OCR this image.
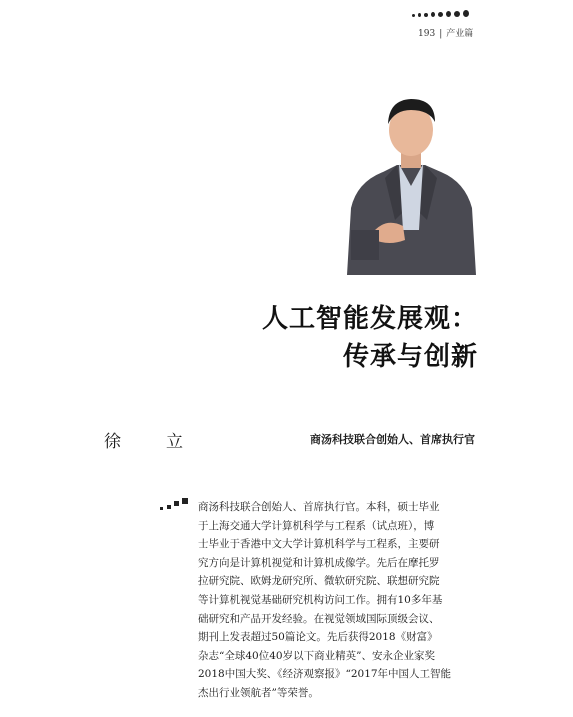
193 | 产业篇
人工智能发展观：
传承与创新
徐　立	商汤科技联合创始人、首席执行官
商汤科技联合创始人、首席执行官。本科，硕士毕业
于上海交通大学计算机科学与工程系（试点班），博
士毕业于香港中文大学计算机科学与工程系，主要研
究方向是计算机视觉和计算机成像学。先后在摩托罗
拉研究院、欧姆龙研究所、微软研究院、联想研究院
等计算机视觉基础研究机构访问工作。拥有10多年基
础研究和产品开发经验。在视觉领域国际顶级会议、
期刊上发表超过50篇论文。先后获得2018《财富》
杂志“全球40位40岁以下商业精英”、安永企业家奖
2018中国大奖、《经济观察报》“2017年中国人工智能
杰出行业领航者”等荣誉。
